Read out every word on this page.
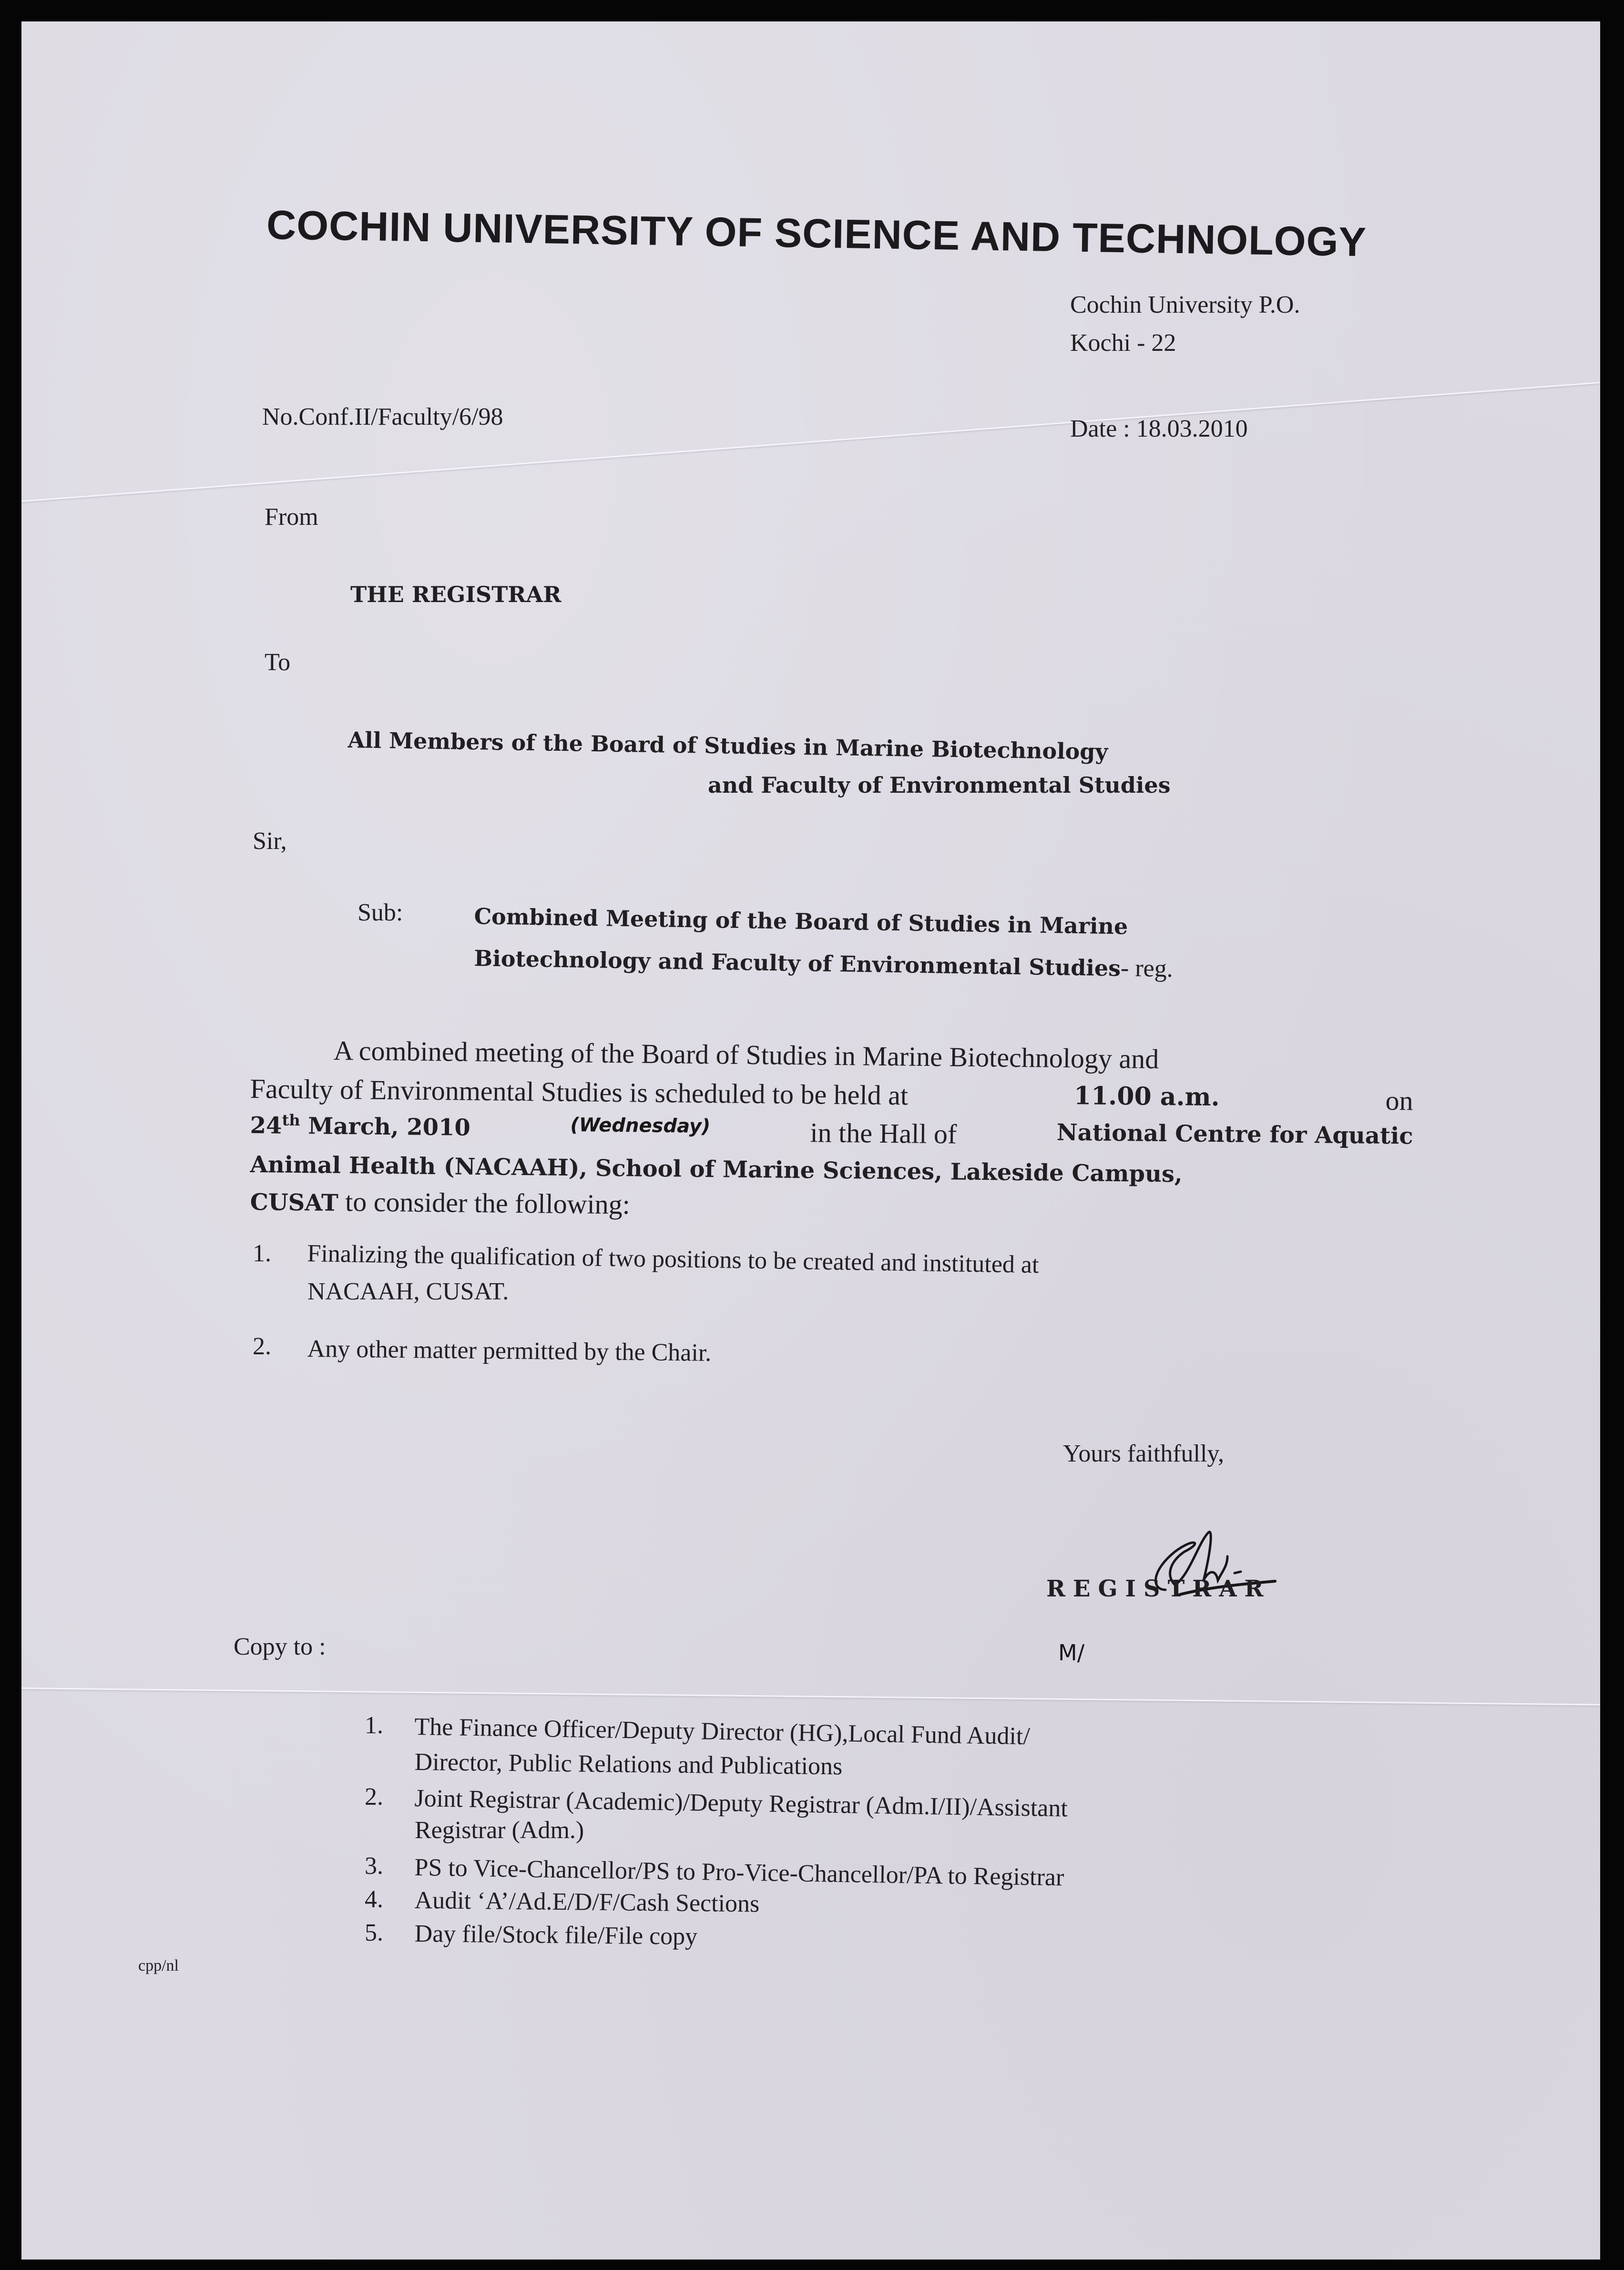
COCHIN UNIVERSITY OF SCIENCE AND TECHNOLOGY
Cochin University P.O.
Kochi - 22
No.Conf.II/Faculty/6/98	Date : 18.03.2010
From
THE REGISTRAR
To
All Members of the Board of Studies in Marine Biotechnology
and Faculty of Environmental Studies
Sir,
Sub:	Combined Meeting of the Board of Studies in Marine
Biotechnology and Faculty of Environmental Studies- reg.
A combined meeting of the Board of Studies in Marine Biotechnology and
Faculty of Environmental Studies is scheduled to be held at	11.00 a.m.	on
24th March, 2010	(Wednesday)	in the Hall of	National Centre for Aquatic
Animal Health (NACAAH), School of Marine Sciences, Lakeside Campus,
CUSAT to consider the following:
1. Finalizing the qualification of two positions to be created and instituted at
NACAAH, CUSAT.
2. Any other matter permitted by the Chair.
Yours faithfully,
REGISTRAR
Copy to :	M/
1. The Finance Officer/Deputy Director (HG),Local Fund Audit/
Director, Public Relations and Publications
2. Joint Registrar (Academic)/Deputy Registrar (Adm.I/II)/Assistant
Registrar (Adm.)
3. PS to Vice-Chancellor/PS to Pro-Vice-Chancellor/PA to Registrar
4. Audit ‘A’/Ad.E/D/F/Cash Sections
5. Day file/Stock file/File copy
cpp/nl
